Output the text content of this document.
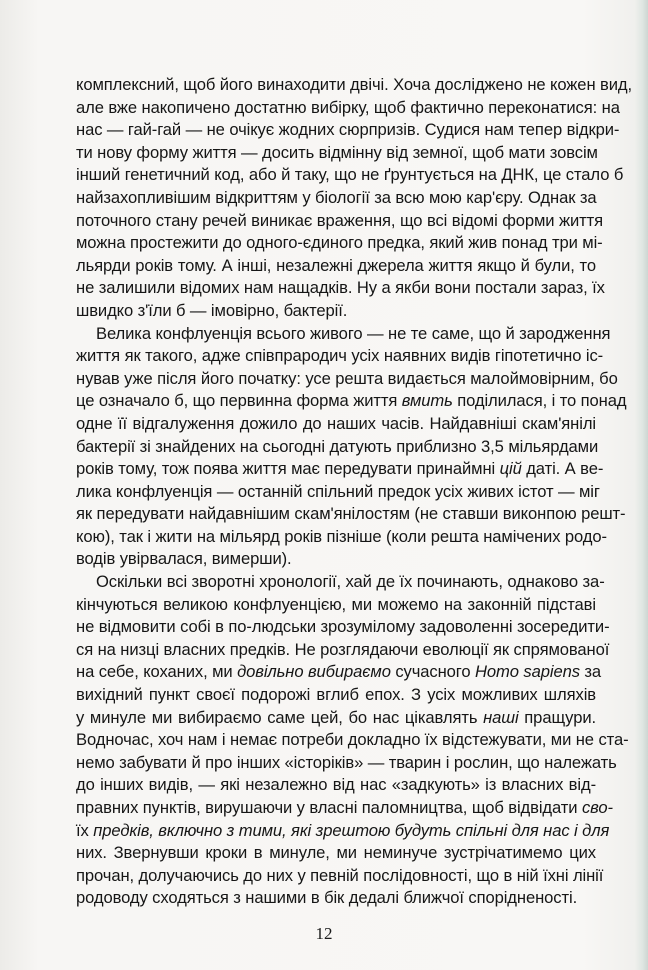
комплексний, щоб його винаходити двічі. Хоча досліджено не кожен вид,
але вже накопичено достатню вибірку, щоб фактично переконатися: на
нас — гай-гай — не очікує жодних сюрпризів. Судися нам тепер відкри-
ти нову форму життя — досить відмінну від земної, щоб мати зовсім
інший генетичний код, або й таку, що не ґрунтується на ДНК, це стало б
найзахопливішим відкриттям у біології за всю мою кар'єру. Однак за
поточного стану речей виникає враження, що всі відомі форми життя
можна простежити до одного-єдиного предка, який жив понад три мі-
льярди років тому. А інші, незалежні джерела життя якщо й були, то
не залишили відомих нам нащадків. Ну а якби вони постали зараз, їх
швидко з'їли б — імовірно, бактерії.
Велика конфлуенція всього живого — не те саме, що й зародження
життя як такого, адже співпрародич усіх наявних видів гіпотетично іс-
нував уже після його початку: усе решта видається малоймовірним, бо
це означало б, що первинна форма життя вмить поділилася, і то понад
одне її відгалуження дожило до наших часів. Найдавніші скам'янілі
бактерії зі знайдених на сьогодні датують приблизно 3,5 мільярдами
років тому, тож поява життя має передувати принаймні цій даті. А ве-
лика конфлуенція — останній спільний предок усіх живих істот — міг
як передувати найдавнішим скам'янілостям (не ставши виконпою решт-
кою), так і жити на мільярд років пізніше (коли решта намічених родо-
водів увірвалася, вимерши).
Оскільки всі зворотні хронології, хай де їх починають, однаково за-
кінчуються великою конфлуенцією, ми можемо на законній підставі
не відмовити собі в по-людськи зрозумілому задоволенні зосередити-
ся на низці власних предків. Не розглядаючи еволюції як спрямованої
на себе, коханих, ми довільно вибираємо сучасного Homo sapiens за
вихідний пункт своєї подорожі вглиб епох. З усіх можливих шляхів
у минуле ми вибираємо саме цей, бо нас цікавлять наші пращури.
Водночас, хоч нам і немає потреби докладно їх відстежувати, ми не ста-
немо забувати й про інших «історіків» — тварин і рослин, що належать
до інших видів, — які незалежно від нас «задкують» із власних від-
правних пунктів, вирушаючи у власні паломництва, щоб відвідати сво-
їх предків, включно з тими, які зрештою будуть спільні для нас і для
них. Звернувши кроки в минуле, ми неминуче зустрічатимемо цих
прочан, долучаючись до них у певній послідовності, що в ній їхні лінії
родоводу сходяться з нашими в бік дедалі ближчої спорідненості.
12
